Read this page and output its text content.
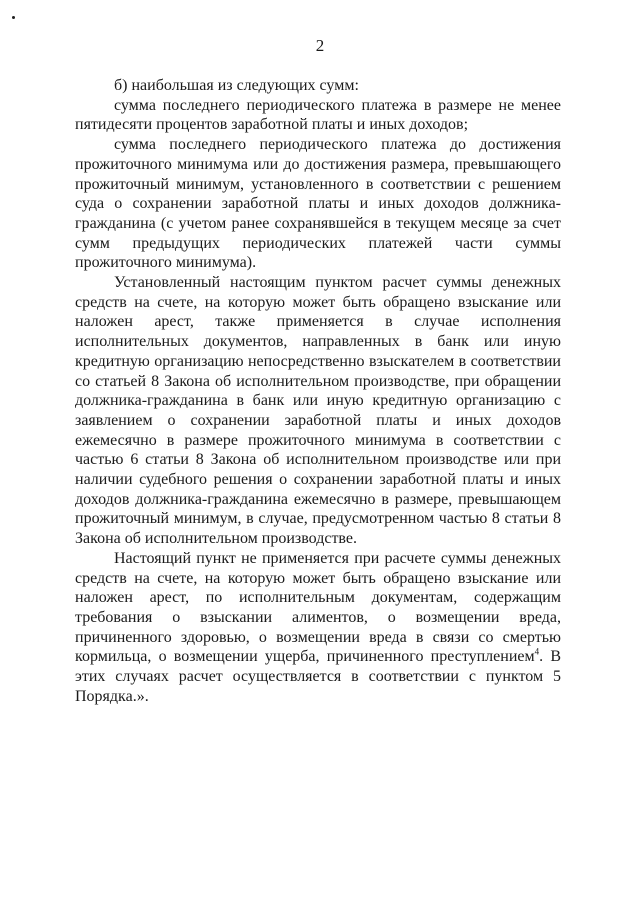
2

б) наибольшая из следующих сумм:

сумма последнего периодического платежа в размере не менее пятидесяти процентов заработной платы и иных доходов;

сумма последнего периодического платежа до достижения прожиточного минимума или до достижения размера, превышающего прожиточный минимум, установленного в соответствии с решением суда о сохранении заработной платы и иных доходов должника-гражданина (с учетом ранее сохранявшейся в текущем месяце за счет сумм предыдущих периодических платежей части суммы прожиточного минимума).

Установленный настоящим пунктом расчет суммы денежных средств на счете, на которую может быть обращено взыскание или наложен арест, также применяется в случае исполнения исполнительных документов, направленных в банк или иную кредитную организацию непосредственно взыскателем в соответствии со статьей 8 Закона об исполнительном производстве, при обращении должника-гражданина в банк или иную кредитную организацию с заявлением о сохранении заработной платы и иных доходов ежемесячно в размере прожиточного минимума в соответствии с частью 6 статьи 8 Закона об исполнительном производстве или при наличии судебного решения о сохранении заработной платы и иных доходов должника-гражданина ежемесячно в размере, превышающем прожиточный минимум, в случае, предусмотренном частью 8 статьи 8 Закона об исполнительном производстве.

Настоящий пункт не применяется при расчете суммы денежных средств на счете, на которую может быть обращено взыскание или наложен арест, по исполнительным документам, содержащим требования о взыскании алиментов, о возмещении вреда, причиненного здоровью, о возмещении вреда в связи со смертью кормильца, о возмещении ущерба, причиненного преступлением$^4$. В этих случаях расчет осуществляется в соответствии с пунктом 5 Порядка.».
